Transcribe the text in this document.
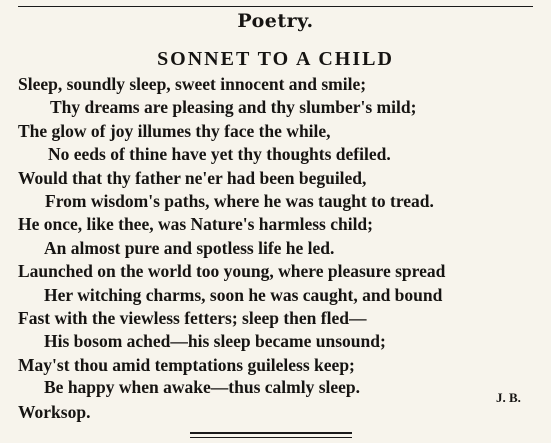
Poetry.
SONNET TO A CHILD
Sleep, soundly sleep, sweet innocent and smile;
Thy dreams are pleasing and thy slumber's mild;
The glow of joy illumes thy face the while,
No eeds of thine have yet thy thoughts defiled.
Would that thy father ne'er had been beguiled,
From wisdom's paths, where he was taught to tread.
He once, like thee, was Nature's harmless child;
An almost pure and spotless life he led.
Launched on the world too young, where pleasure spread
Her witching charms, soon he was caught, and bound
Fast with the viewless fetters; sleep then fled—
His bosom ached—his sleep became unsound;
May'st thou amid temptations guileless keep;
Be happy when awake—thus calmly sleep.
J. B.
Worksop.
